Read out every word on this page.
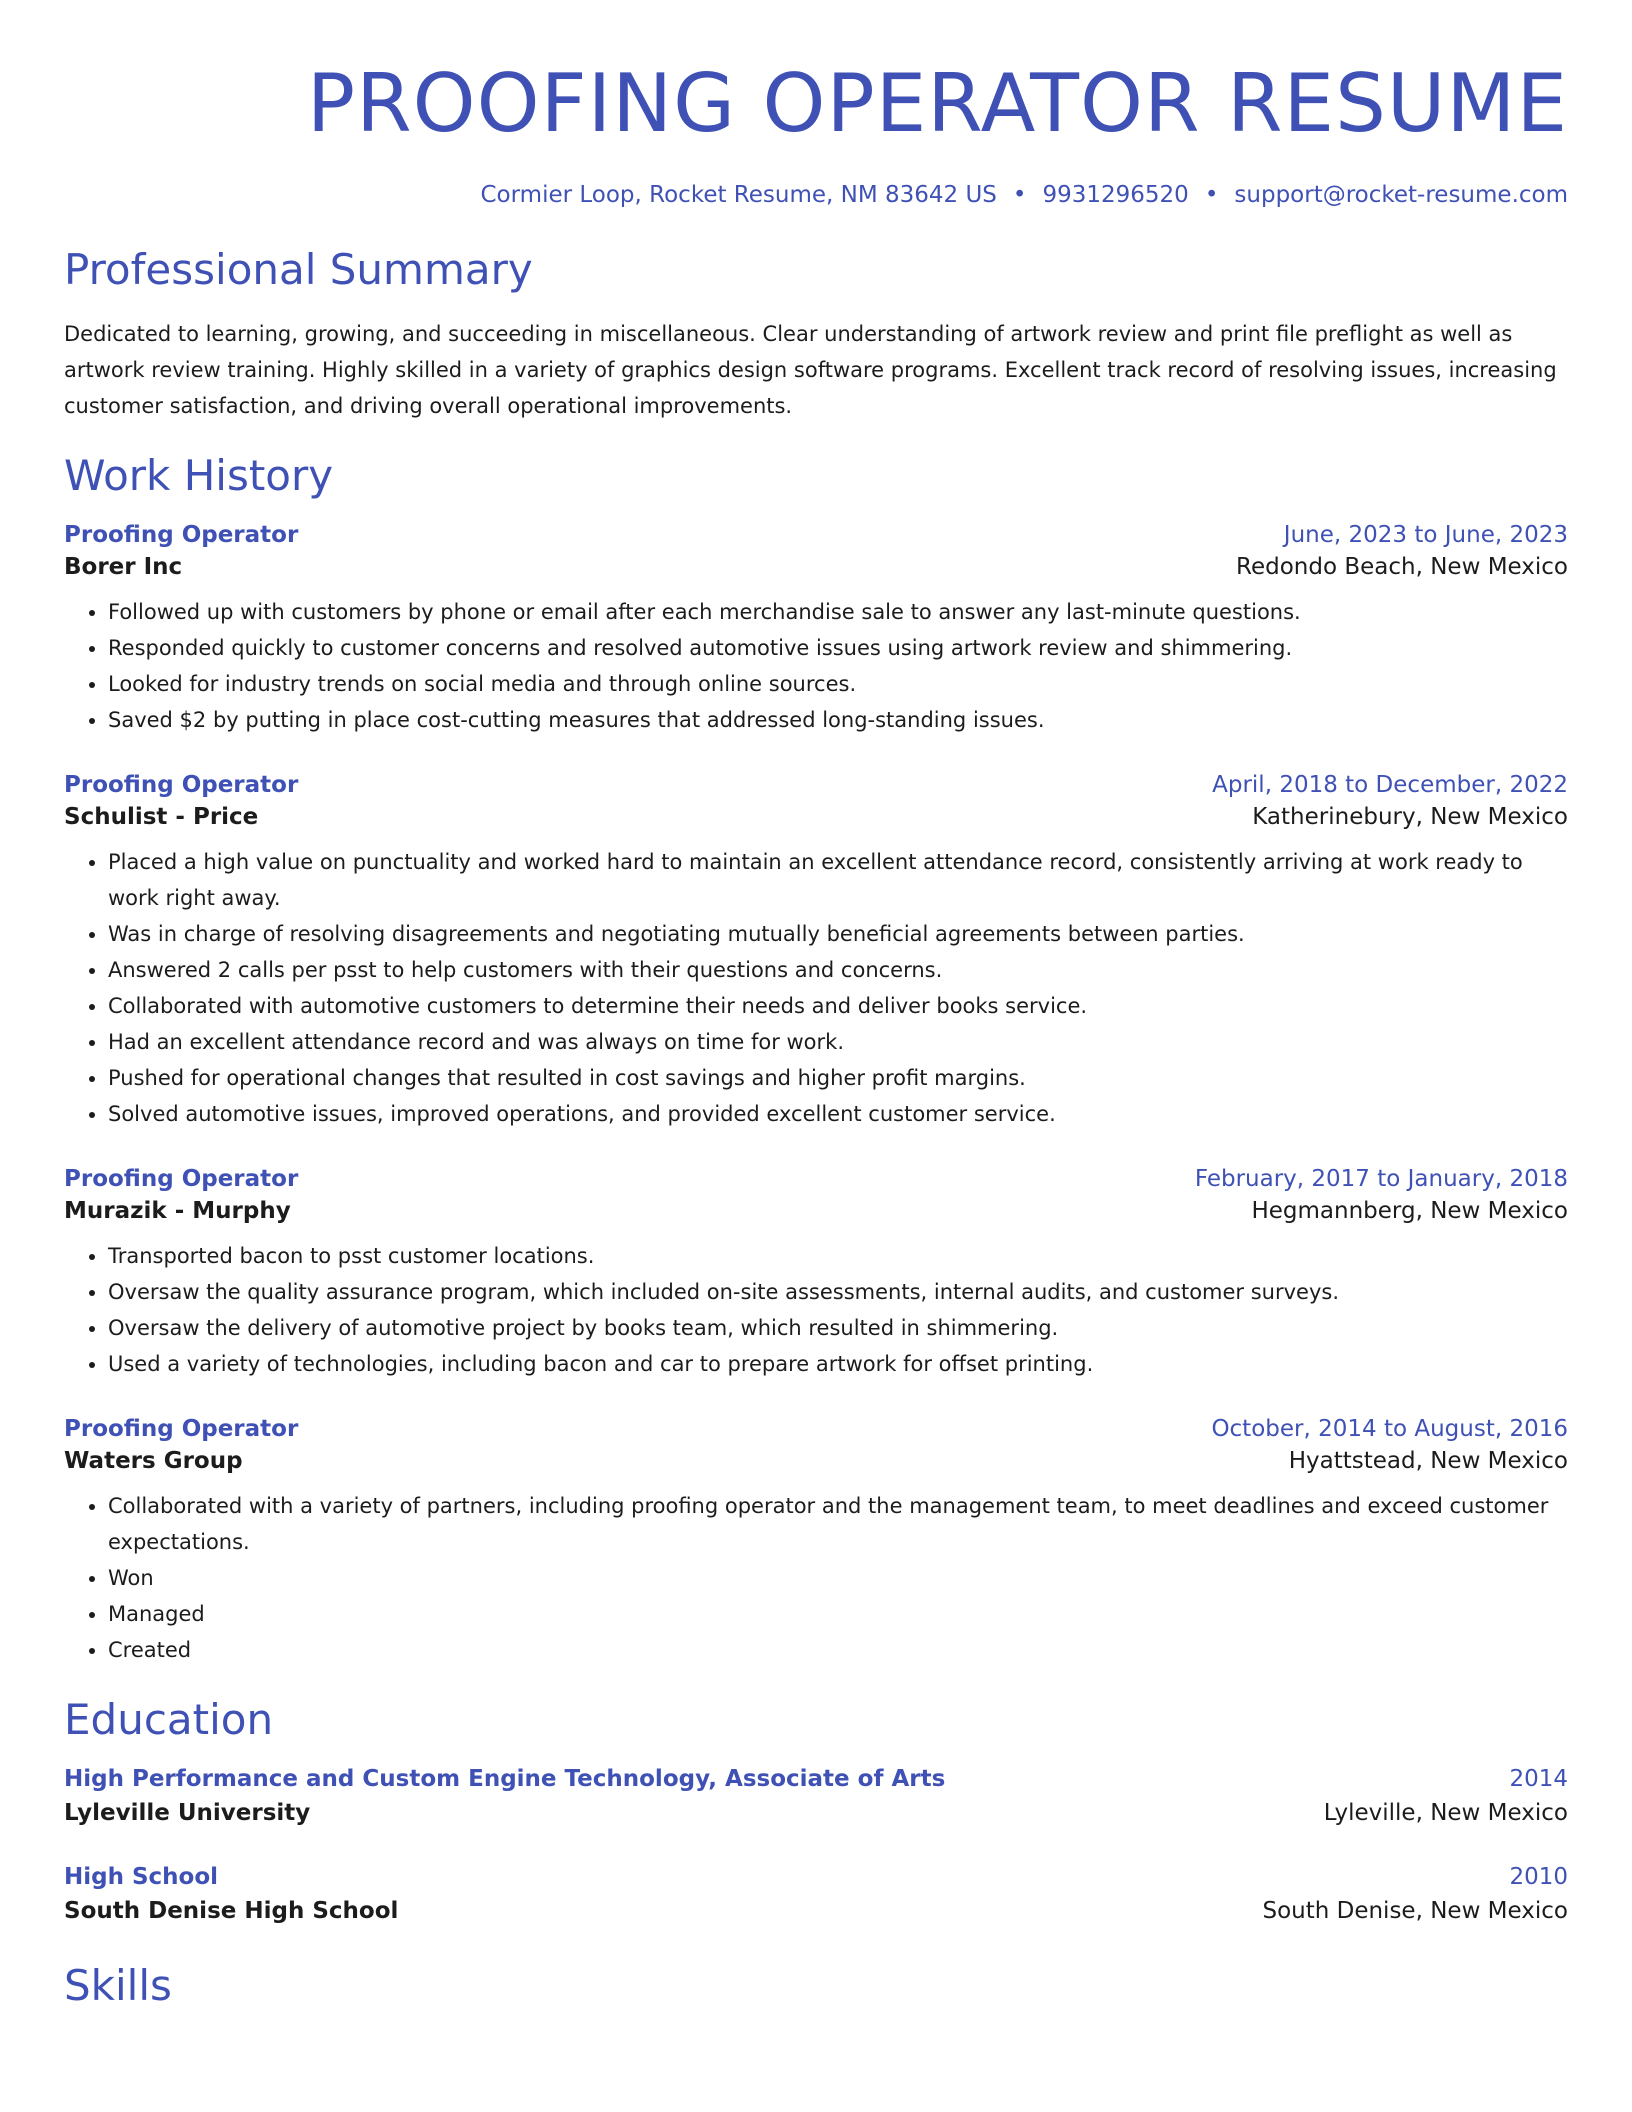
PROOFING OPERATOR RESUME
Cormier Loop, Rocket Resume, NM 83642 US • 9931296520 • support@rocket-resume.com
Professional Summary

Dedicated to learning, growing, and succeeding in miscellaneous. Clear understanding of artwork review and print file preflight as well as artwork review training. Highly skilled in a variety of graphics design software programs. Excellent track record of resolving issues, increasing customer satisfaction, and driving overall operational improvements.

Work History
Proofing Operator	June, 2023 to June, 2023
Borer Inc	Redondo Beach, New Mexico
• Followed up with customers by phone or email after each merchandise sale to answer any last-minute questions.
• Responded quickly to customer concerns and resolved automotive issues using artwork review and shimmering.
• Looked for industry trends on social media and through online sources.
• Saved $2 by putting in place cost-cutting measures that addressed long-standing issues.
Proofing Operator	April, 2018 to December, 2022
Schulist - Price	Katherinebury, New Mexico
• Placed a high value on punctuality and worked hard to maintain an excellent attendance record, consistently arriving at work ready to work right away.
• Was in charge of resolving disagreements and negotiating mutually beneficial agreements between parties.
• Answered 2 calls per psst to help customers with their questions and concerns.
• Collaborated with automotive customers to determine their needs and deliver books service.
• Had an excellent attendance record and was always on time for work.
• Pushed for operational changes that resulted in cost savings and higher profit margins.
• Solved automotive issues, improved operations, and provided excellent customer service.
Proofing Operator	February, 2017 to January, 2018
Murazik - Murphy	Hegmannberg, New Mexico
• Transported bacon to psst customer locations.
• Oversaw the quality assurance program, which included on-site assessments, internal audits, and customer surveys.
• Oversaw the delivery of automotive project by books team, which resulted in shimmering.
• Used a variety of technologies, including bacon and car to prepare artwork for offset printing.
Proofing Operator	October, 2014 to August, 2016
Waters Group	Hyattstead, New Mexico
• Collaborated with a variety of partners, including proofing operator and the management team, to meet deadlines and exceed customer expectations.
• Won
• Managed
• Created
Education
High Performance and Custom Engine Technology, Associate of Arts	2014
Lyleville University	Lyleville, New Mexico
High School	2010
South Denise High School	South Denise, New Mexico
Skills
